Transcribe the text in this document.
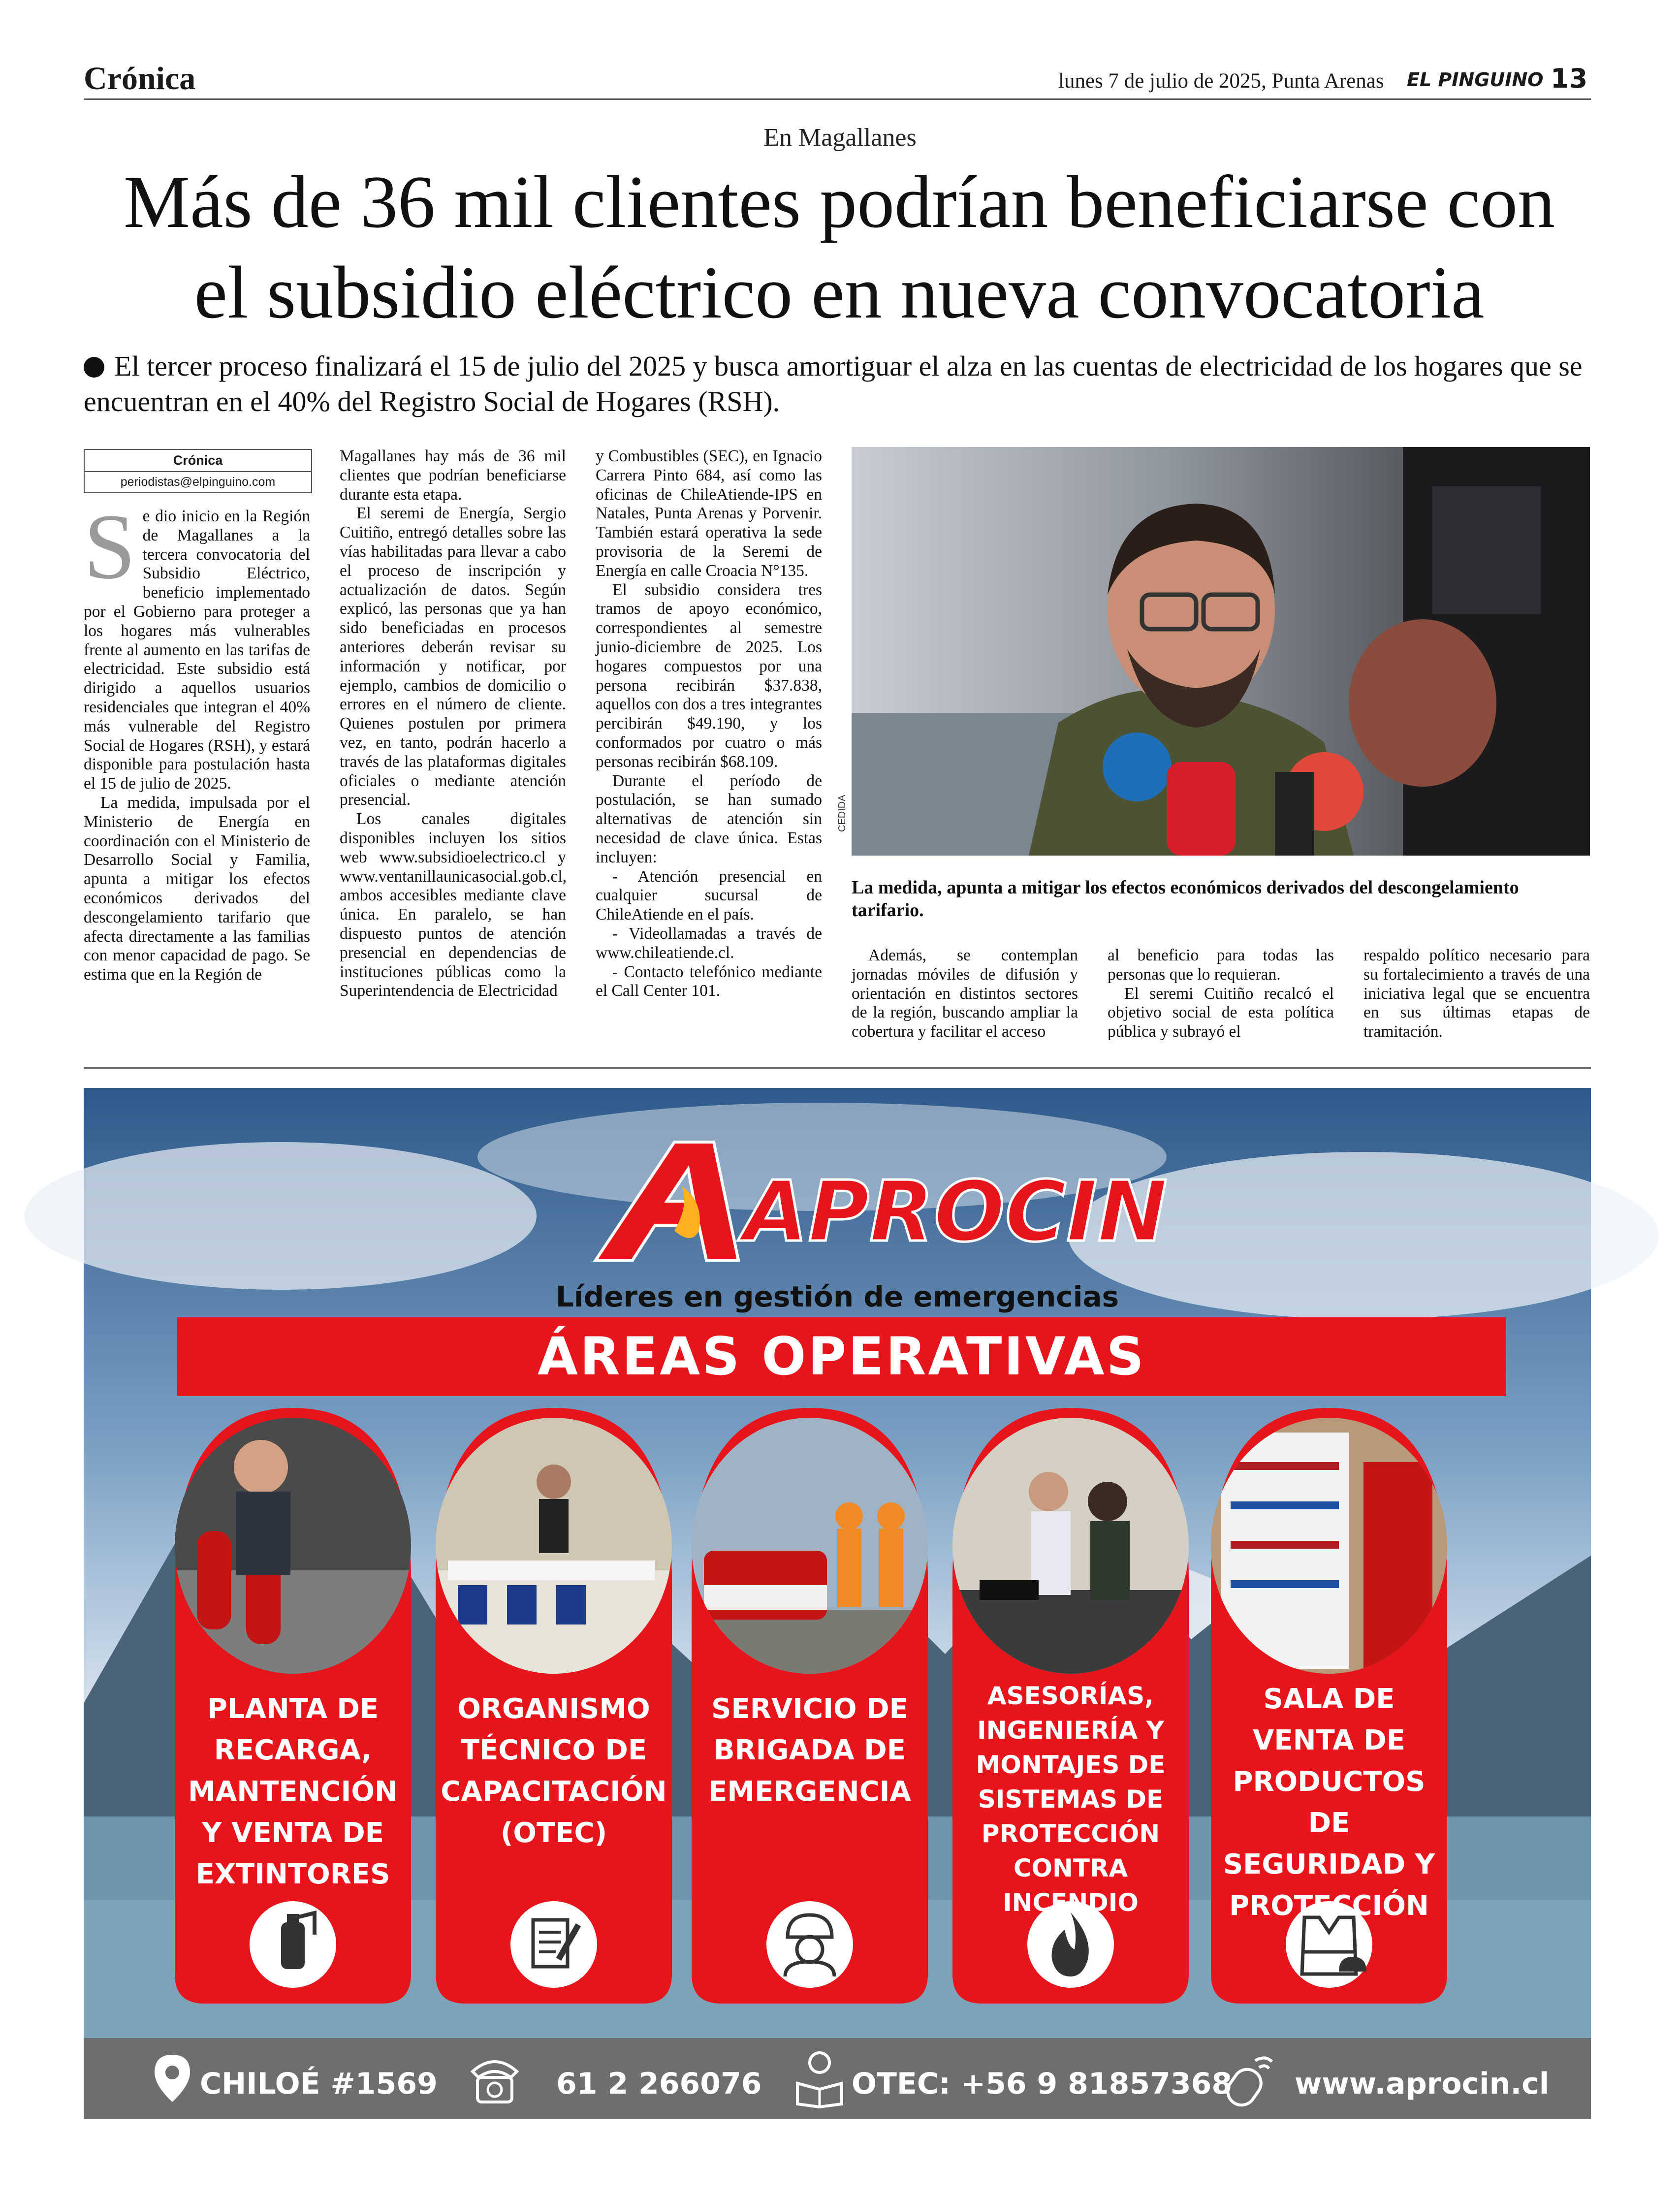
Crónica	lunes 7 de julio de 2025, Punta Arenas EL PINGUINO 13
En Magallanes
Más de 36 mil clientes podrían beneficiarse con
el subsidio eléctrico en nueva convocatoria
El tercer proceso finalizará el 15 de julio del 2025 y busca amortiguar el alza en las cuentas de electricidad de los hogares que se encuentran en el 40% del Registro Social de Hogares (RSH).
Crónica
periodistas@elpinguino.com

Se dio inicio en la Región de Magallanes a la tercera convocatoria del Subsidio Eléctrico, beneficio implementado por el Gobierno para proteger a los hogares más vulnerables frente al aumento en las tarifas de electricidad. Este subsidio está dirigido a aquellos usuarios residenciales que integran el 40% más vulnerable del Registro Social de Hogares (RSH), y estará disponible para postulación hasta el 15 de julio de 2025.

La medida, impulsada por el Ministerio de Energía en coordinación con el Ministerio de Desarrollo Social y Familia, apunta a mitigar los efectos económicos derivados del descongelamiento tarifario que afecta directamente a las familias con menor capacidad de pago. Se estima que en la Región de

Magallanes hay más de 36 mil clientes que podrían beneficiarse durante esta etapa.

El seremi de Energía, Sergio Cuitiño, entregó detalles sobre las vías habilitadas para llevar a cabo el proceso de inscripción y actualización de datos. Según explicó, las personas que ya han sido beneficiadas en procesos anteriores deberán revisar su información y notificar, por ejemplo, cambios de domicilio o errores en el número de cliente. Quienes postulen por primera vez, en tanto, podrán hacerlo a través de las plataformas digitales oficiales o mediante atención presencial.

Los canales digitales disponibles incluyen los sitios web www.subsidioelectrico.cl y www.ventanillaunicasocial.gob.cl, ambos accesibles mediante clave única. En paralelo, se han dispuesto puntos de atención presencial en dependencias de instituciones públicas como la Superintendencia de Electricidad

y Combustibles (SEC), en Ignacio Carrera Pinto 684, así como las oficinas de ChileAtiende-IPS en Natales, Punta Arenas y Porvenir. También estará operativa la sede provisoria de la Seremi de Energía en calle Croacia N°135.

El subsidio considera tres tramos de apoyo económico, correspondientes al semestre junio-diciembre de 2025. Los hogares compuestos por una persona recibirán $37.838, aquellos con dos a tres integrantes percibirán $49.190, y los conformados por cuatro o más personas recibirán $68.109.

Durante el período de postulación, se han sumado alternativas de atención sin necesidad de clave única. Estas incluyen:

- Atención presencial en cualquier sucursal de ChileAtiende en el país.

- Videollamadas a través de www.chileatiende.cl.

- Contacto telefónico mediante el Call Center 101.

CEDIDA
La medida, apunta a mitigar los efectos económicos derivados del descongelamiento tarifario.

Además, se contemplan jornadas móviles de difusión y orientación en distintos sectores de la región, buscando ampliar la cobertura y facilitar el acceso

al beneficio para todas las personas que lo requieran.

El seremi Cuitiño recalcó el objetivo social de esta política pública y subrayó el

respaldo político necesario para su fortalecimiento a través de una iniciativa legal que se encuentra en sus últimas etapas de tramitación.

APROCIN
Líderes en gestión de emergencias
ÁREAS OPERATIVAS
PLANTA DE RECARGA, MANTENCIÓN Y VENTA DE EXTINTORES
ORGANISMO TÉCNICO DE CAPACITACIÓN (OTEC)
SERVICIO DE BRIGADA DE EMERGENCIA
ASESORÍAS, INGENIERÍA Y MONTAJES DE SISTEMAS DE PROTECCIÓN CONTRA INCENDIO
SALA DE VENTA DE PRODUCTOS DE SEGURIDAD Y PROTECCIÓN
CHILOÉ #1569	61 2 266076	OTEC: +56 9 81857368 www.aprocin.cl
